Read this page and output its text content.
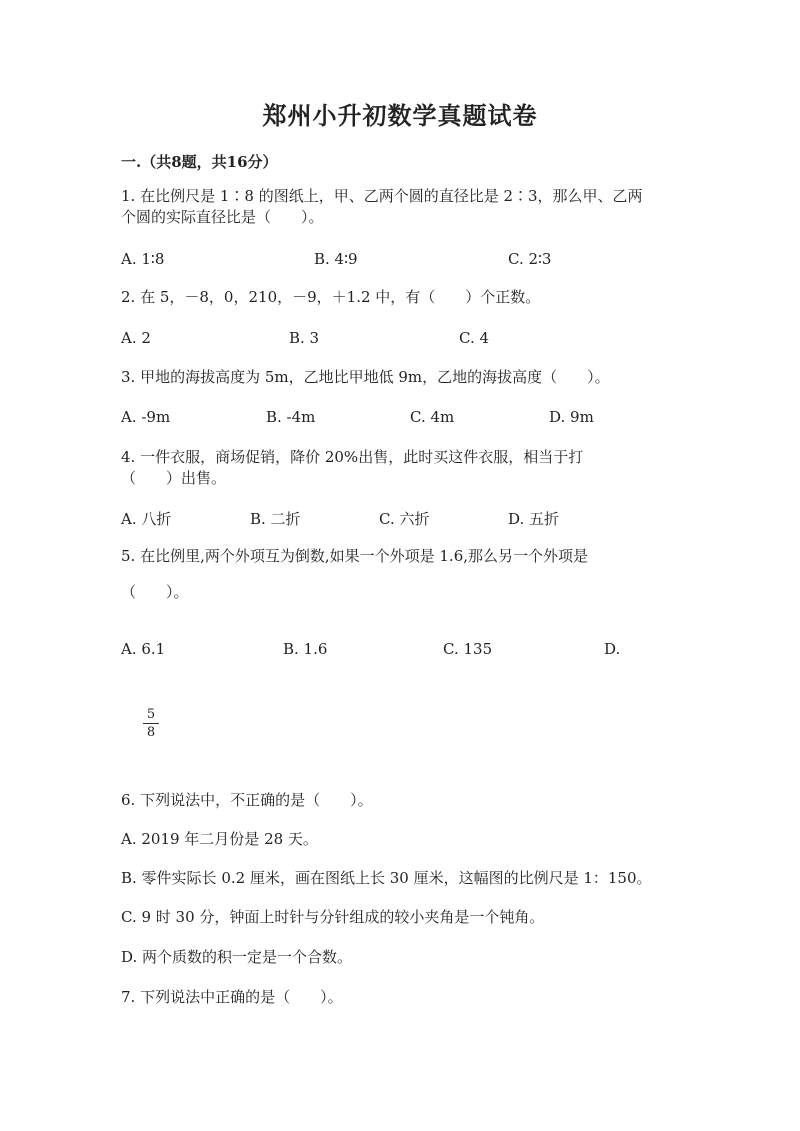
郑州小升初数学真题试卷
一.（共8题，共16分）
1. 在比例尺是 1∶8 的图纸上，甲、乙两个圆的直径比是 2∶3，那么甲、乙两
个圆的实际直径比是（　　）。
A. 1∶8	B. 4∶9	C. 2∶3
2. 在 5，－8，0，210，－9，＋1.2 中，有（　　）个正数。
A. 2	B. 3	C. 4
3. 甲地的海拔高度为 5m，乙地比甲地低 9m，乙地的海拔高度（　　）。
A. -9m	B. -4m	C. 4m	D. 9m
4. 一件衣服，商场促销，降价 20%出售，此时买这件衣服，相当于打
（　　）出售。
A. 八折	B. 二折	C. 六折	D. 五折
5. 在比例里,两个外项互为倒数,如果一个外项是 1.6,那么另一个外项是
（　　）。
A. 6.1	B. 1.6	C. 135	D.
5
8
6. 下列说法中，不正确的是（　　）。
A. 2019 年二月份是 28 天。
B. 零件实际长 0.2 厘米，画在图纸上长 30 厘米，这幅图的比例尺是 1：150。
C. 9 时 30 分，钟面上时针与分针组成的较小夹角是一个钝角。
D. 两个质数的积一定是一个合数。
7. 下列说法中正确的是（　　）。
